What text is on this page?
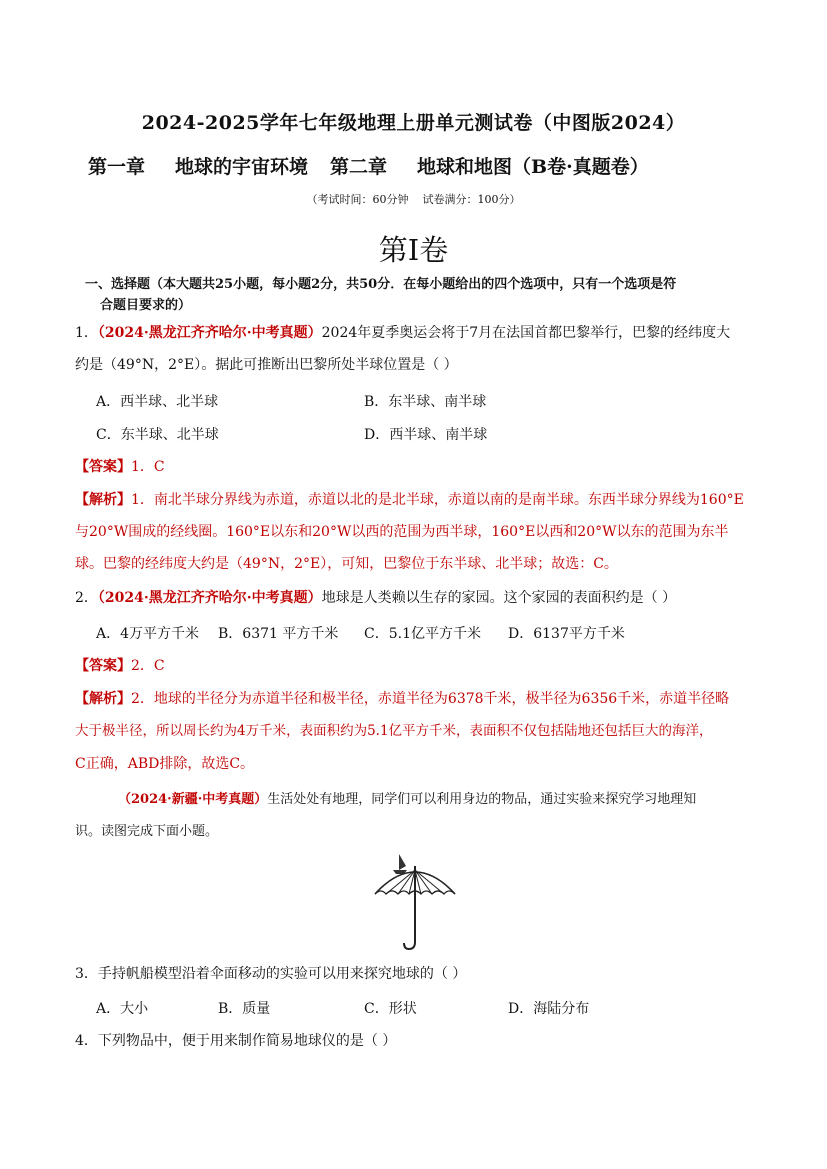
2024-2025学年七年级地理上册单元测试卷（中图版2024）
第一章 地球的宇宙环境 第二章 地球和地图（B卷·真题卷）
（考试时间：60分钟 试卷满分：100分）
第I卷
一、选择题（本大题共25小题，每小题2分，共50分．在每小题给出的四个选项中，只有一个选项是符
合题目要求的）
1．（2024·黑龙江齐齐哈尔·中考真题）2024年夏季奥运会将于7月在法国首都巴黎举行，巴黎的经纬度大
约是（49°N，2°E）。据此可推断出巴黎所处半球位置是（ ）
A．西半球、北半球	B．东半球、南半球
C．东半球、北半球	D．西半球、南半球
【答案】1．C
【解析】1．南北半球分界线为赤道，赤道以北的是北半球，赤道以南的是南半球。东西半球分界线为160°E
与20°W围成的经线圈。160°E以东和20°W以西的范围为西半球，160°E以西和20°W以东的范围为东半
球。巴黎的经纬度大约是（49°N，2°E），可知，巴黎位于东半球、北半球；故选：C。
2．（2024·黑龙江齐齐哈尔·中考真题）地球是人类赖以生存的家园。这个家园的表面积约是（ ）
A．4万平方千米 B．6371 平方千米 C．5.1亿平方千米 D．6137平方千米
【答案】2．C
【解析】2．地球的半径分为赤道半径和极半径，赤道半径为6378千米，极半径为6356千米，赤道半径略
大于极半径，所以周长约为4万千米，表面积约为5.1亿平方千米，表面积不仅包括陆地还包括巨大的海洋，
C正确，ABD排除，故选C。
（2024·新疆·中考真题）生活处处有地理，同学们可以利用身边的物品，通过实验来探究学习地理知
识。读图完成下面小题。
3．手持帆船模型沿着伞面移动的实验可以用来探究地球的（ ）
A．大小	B．质量	C．形状	D．海陆分布
4．下列物品中，便于用来制作简易地球仪的是（ ）
